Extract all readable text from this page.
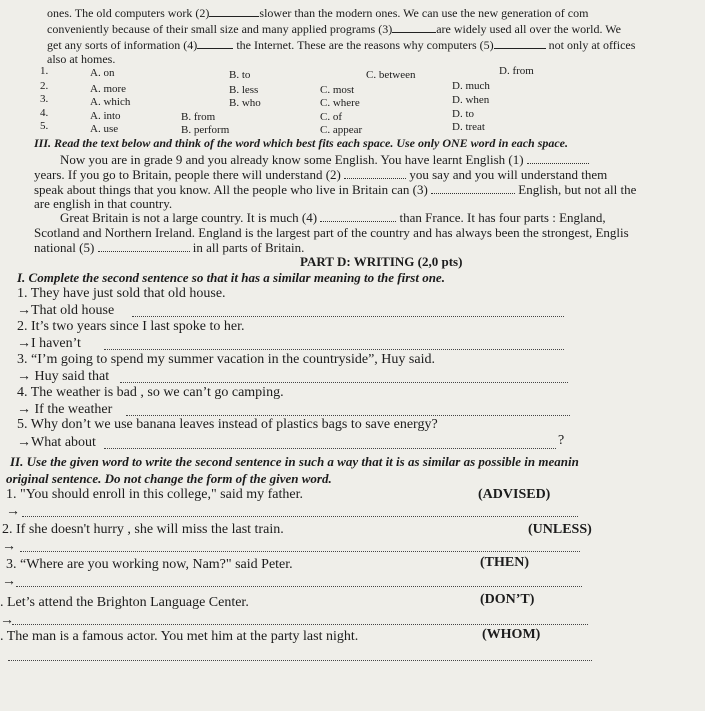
ones. The old computers work (2)	slower than the modern ones. We can use the new generation of com
conveniently because of their small size and many applied programs (3)	are widely used all over the world. We
get any sorts of information (4)	the Internet. These are the reasons why computers (5)	not only at offices
also at homes.
1.	A. on	B. to	C. between	D. from
2.	A. more	B. less	C. most	D. much
3.	A. which	B. who	C. where	D. when
4.	A. into	B. from	C. of	D. to
5.	A. use	B. perform	C. appear	D. treat
III. Read the text below and think of the word which best fits each space. Use only ONE word in each space.
Now you are in grade 9 and you already know some English. You have learnt English (1)
years. If you go to Britain, people there will understand (2)	you say and you will understand them
speak about things that you know. All the people who live in Britain can (3)	English, but not all the
are english in that country.
Great Britain is not a large country. It is much (4)	than France. It has four parts : England,
Scotland and Northern Ireland. England is the largest part of the country and has always been the strongest, Englis
national (5)	in all parts of Britain.
PART D: WRITING (2,0 pts)
I. Complete the second sentence so that it has a similar meaning to the first one.
1. They have just sold that old house.
→That old house
2. It’s two years since I last spoke to her.
→I haven’t
3. “I’m going to spend my summer vacation in the countryside”, Huy said.
→ Huy said that
4. The weather is bad , so we can’t go camping.
→ If the weather
5. Why don’t we use banana leaves instead of plastics bags to save energy?
→What about	?
II. Use the given word to write the second sentence in such a way that it is as similar as possible in meanin
original sentence. Do not change the form of the given word.
1. "You should enroll in this college," said my father.	(ADVISED)
→
2. If she doesn't hurry , she will miss the last train.	(UNLESS)
→
3. “Where are you working now, Nam?" said Peter.	(THEN)
→
. Let’s attend the Brighton Language Center.	(DON’T)
→
. The man is a famous actor. You met him at the party last night.	(WHOM)
